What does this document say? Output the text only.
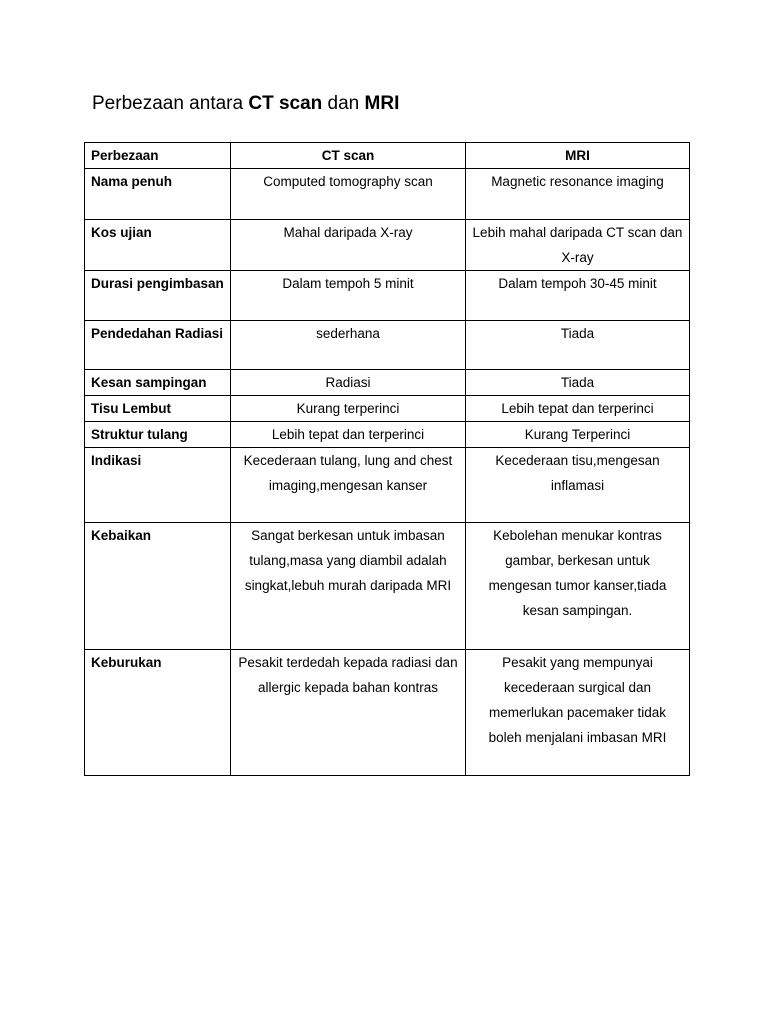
Perbezaan antara CT scan dan MRI
Perbezaan	CT scan	MRI
Nama penuh	Computed tomography scan	Magnetic resonance imaging
Kos ujian	Mahal daripada X-ray	Lebih mahal daripada CT scan dan X-ray
Durasi pengimbasan	Dalam tempoh 5 minit	Dalam tempoh 30-45 minit
Pendedahan Radiasi	sederhana	Tiada
Kesan sampingan	Radiasi	Tiada
Tisu Lembut	Kurang terperinci	Lebih tepat dan terperinci
Struktur tulang	Lebih tepat dan terperinci	Kurang Terperinci
Indikasi	Kecederaan tulang, lung and chest imaging,mengesan kanser	Kecederaan tisu,mengesan inflamasi
Kebaikan	Sangat berkesan untuk imbasan tulang,masa yang diambil adalah singkat,lebuh murah daripada MRI	Kebolehan menukar kontras gambar, berkesan untuk mengesan tumor kanser,tiada kesan sampingan.
Keburukan	Pesakit terdedah kepada radiasi dan allergic kepada bahan kontras	Pesakit yang mempunyai kecederaan surgical dan memerlukan pacemaker tidak boleh menjalani imbasan MRI
